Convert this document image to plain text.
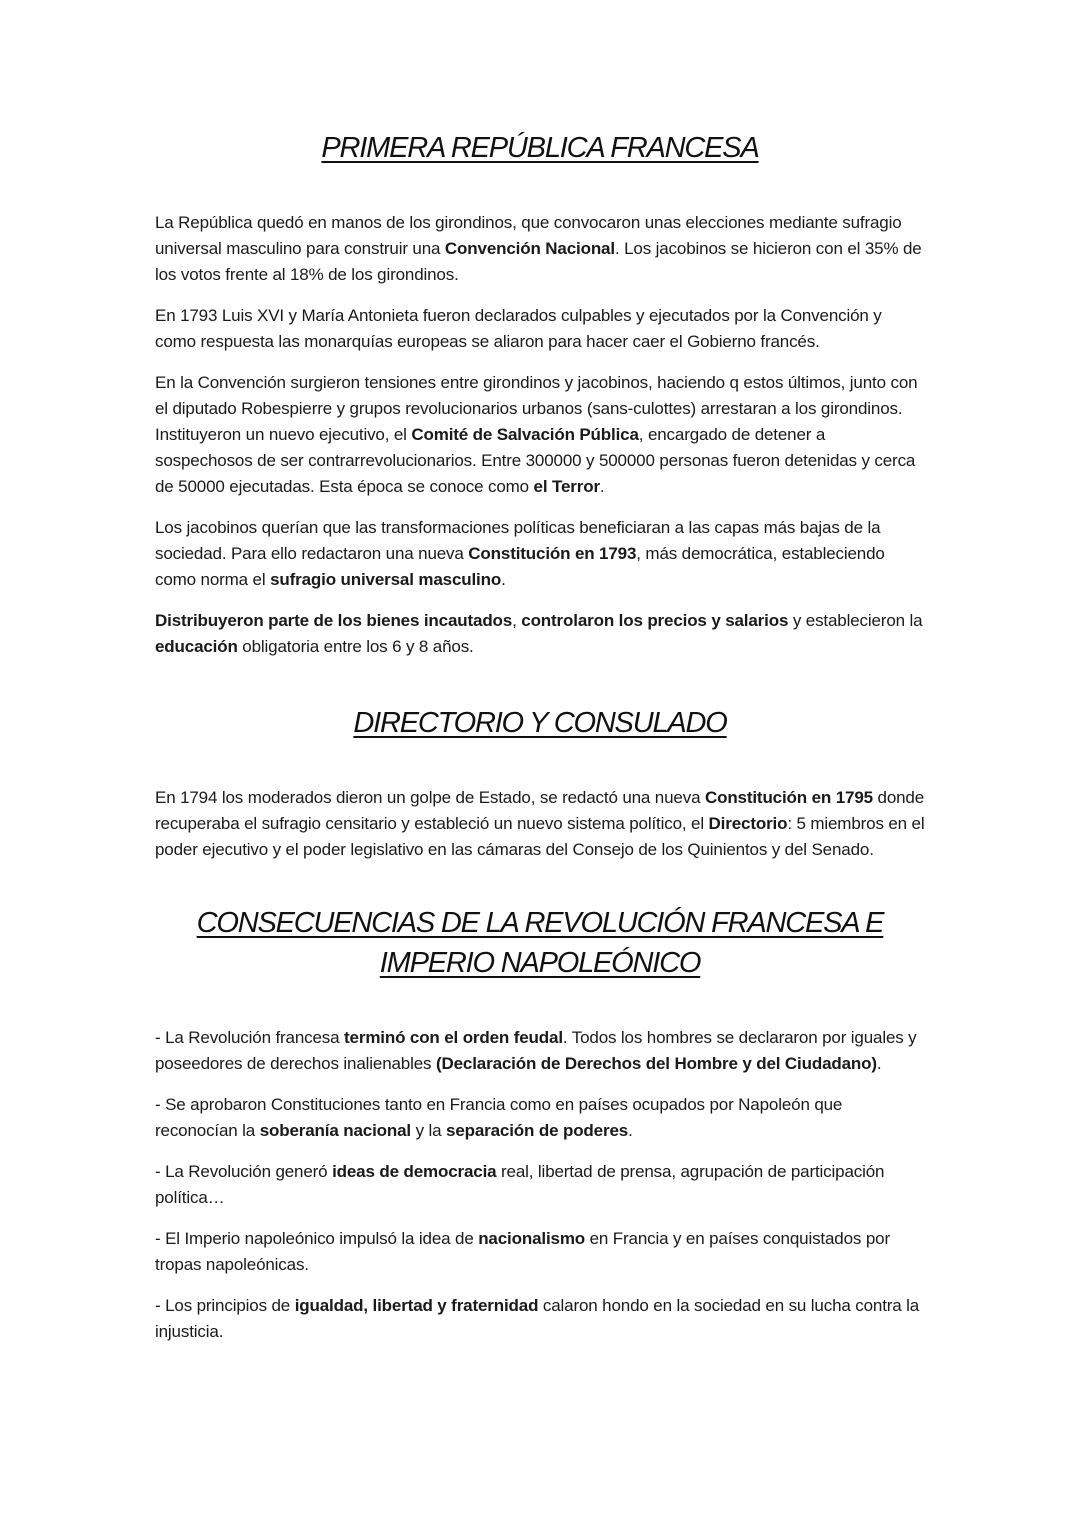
PRIMERA REPÚBLICA FRANCESA

La República quedó en manos de los girondinos, que convocaron unas elecciones mediante sufragio universal masculino para construir una Convención Nacional. Los jacobinos se hicieron con el 35% de los votos frente al 18% de los girondinos.

En 1793 Luis XVI y María Antonieta fueron declarados culpables y ejecutados por la Convención y como respuesta las monarquías europeas se aliaron para hacer caer el Gobierno francés.

En la Convención surgieron tensiones entre girondinos y jacobinos, haciendo q estos últimos, junto con el diputado Robespierre y grupos revolucionarios urbanos (sans-culottes) arrestaran a los girondinos. Instituyeron un nuevo ejecutivo, el Comité de Salvación Pública, encargado de detener a sospechosos de ser contrarrevolucionarios. Entre 300000 y 500000 personas fueron detenidas y cerca de 50000 ejecutadas. Esta época se conoce como el Terror.

Los jacobinos querían que las transformaciones políticas beneficiaran a las capas más bajas de la sociedad. Para ello redactaron una nueva Constitución en 1793, más democrática, estableciendo como norma el sufragio universal masculino.

Distribuyeron parte de los bienes incautados, controlaron los precios y salarios y establecieron la educación obligatoria entre los 6 y 8 años.

DIRECTORIO Y CONSULADO

En 1794 los moderados dieron un golpe de Estado, se redactó una nueva Constitución en 1795 donde recuperaba el sufragio censitario y estableció un nuevo sistema político, el Directorio: 5 miembros en el poder ejecutivo y el poder legislativo en las cámaras del Consejo de los Quinientos y del Senado.

CONSECUENCIAS DE LA REVOLUCIÓN FRANCESA E IMPERIO NAPOLEÓNICO

- La Revolución francesa terminó con el orden feudal. Todos los hombres se declararon por iguales y poseedores de derechos inalienables (Declaración de Derechos del Hombre y del Ciudadano).

- Se aprobaron Constituciones tanto en Francia como en países ocupados por Napoleón que reconocían la soberanía nacional y la separación de poderes.

- La Revolución generó ideas de democracia real, libertad de prensa, agrupación de participación política…

- El Imperio napoleónico impulsó la idea de nacionalismo en Francia y en países conquistados por tropas napoleónicas.

- Los principios de igualdad, libertad y fraternidad calaron hondo en la sociedad en su lucha contra la injusticia.
